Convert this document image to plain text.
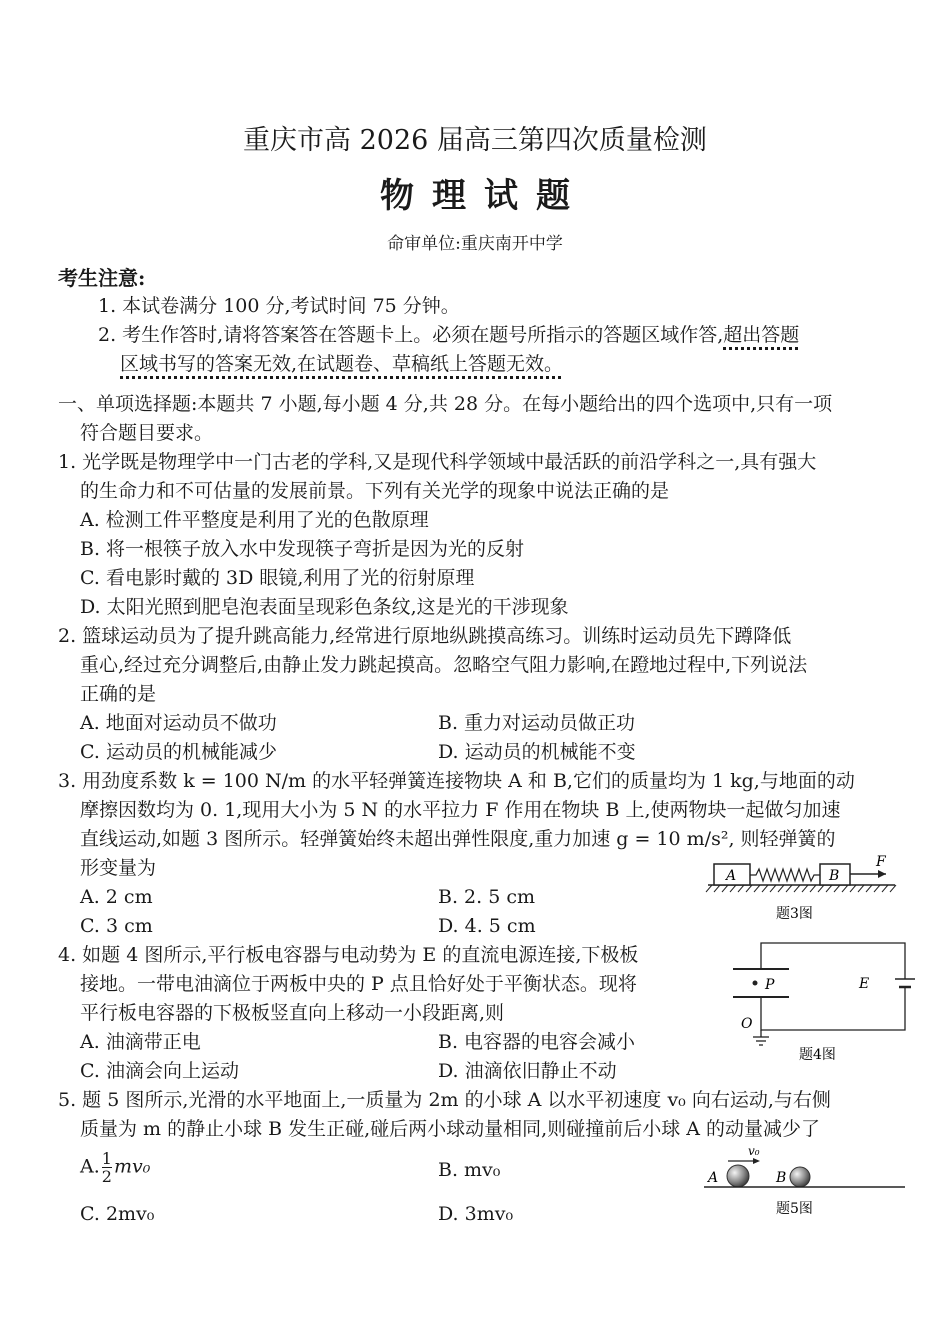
重庆市高 2026 届高三第四次质量检测
物理试题
命审单位:重庆南开中学
考生注意:
1. 本试卷满分 100 分,考试时间 75 分钟。
2. 考生作答时,请将答案答在答题卡上。必须在题号所指示的答题区域作答,超出答题
区域书写的答案无效,在试题卷、草稿纸上答题无效。
一、单项选择题:本题共 7 小题,每小题 4 分,共 28 分。在每小题给出的四个选项中,只有一项
符合题目要求。
1. 光学既是物理学中一门古老的学科,又是现代科学领域中最活跃的前沿学科之一,具有强大
的生命力和不可估量的发展前景。下列有关光学的现象中说法正确的是
A. 检测工件平整度是利用了光的色散原理
B. 将一根筷子放入水中发现筷子弯折是因为光的反射
C. 看电影时戴的 3D 眼镜,利用了光的衍射原理
D. 太阳光照到肥皂泡表面呈现彩色条纹,这是光的干涉现象
2. 篮球运动员为了提升跳高能力,经常进行原地纵跳摸高练习。训练时运动员先下蹲降低
重心,经过充分调整后,由静止发力跳起摸高。忽略空气阻力影响,在蹬地过程中,下列说法
正确的是
A. 地面对运动员不做功	B. 重力对运动员做正功
C. 运动员的机械能减少	D. 运动员的机械能不变
3. 用劲度系数 k = 100 N/m 的水平轻弹簧连接物块 A 和 B,它们的质量均为 1 kg,与地面的动
摩擦因数均为 0. 1,现用大小为 5 N 的水平拉力 F 作用在物块 B 上,使两物块一起做匀加速
直线运动,如题 3 图所示。轻弹簧始终未超出弹性限度,重力加速 g = 10 m/s², 则轻弹簧的
形变量为
A. 2 cm	B. 2. 5 cm
C. 3 cm	D. 4. 5 cm
A	B
F
题3图
4. 如题 4 图所示,平行板电容器与电动势为 E 的直流电源连接,下极板
接地。一带电油滴位于两板中央的 P 点且恰好处于平衡状态。现将
平行板电容器的下极板竖直向上移动一小段距离,则
A. 油滴带正电	B. 电容器的电容会减小
C. 油滴会向上运动	D. 油滴依旧静止不动
P	E
O
题4图
5. 题 5 图所示,光滑的水平地面上,一质量为 2m 的小球 A 以水平初速度 v₀ 向右运动,与右侧
质量为 m 的静止小球 B 发生正碰,碰后两小球动量相同,则碰撞前后小球 A 的动量减少了
A. $\frac{1}{2} mv_0$	B. mv₀
C. 2mv₀	D. 3mv₀
v₀
A	B
题5图
